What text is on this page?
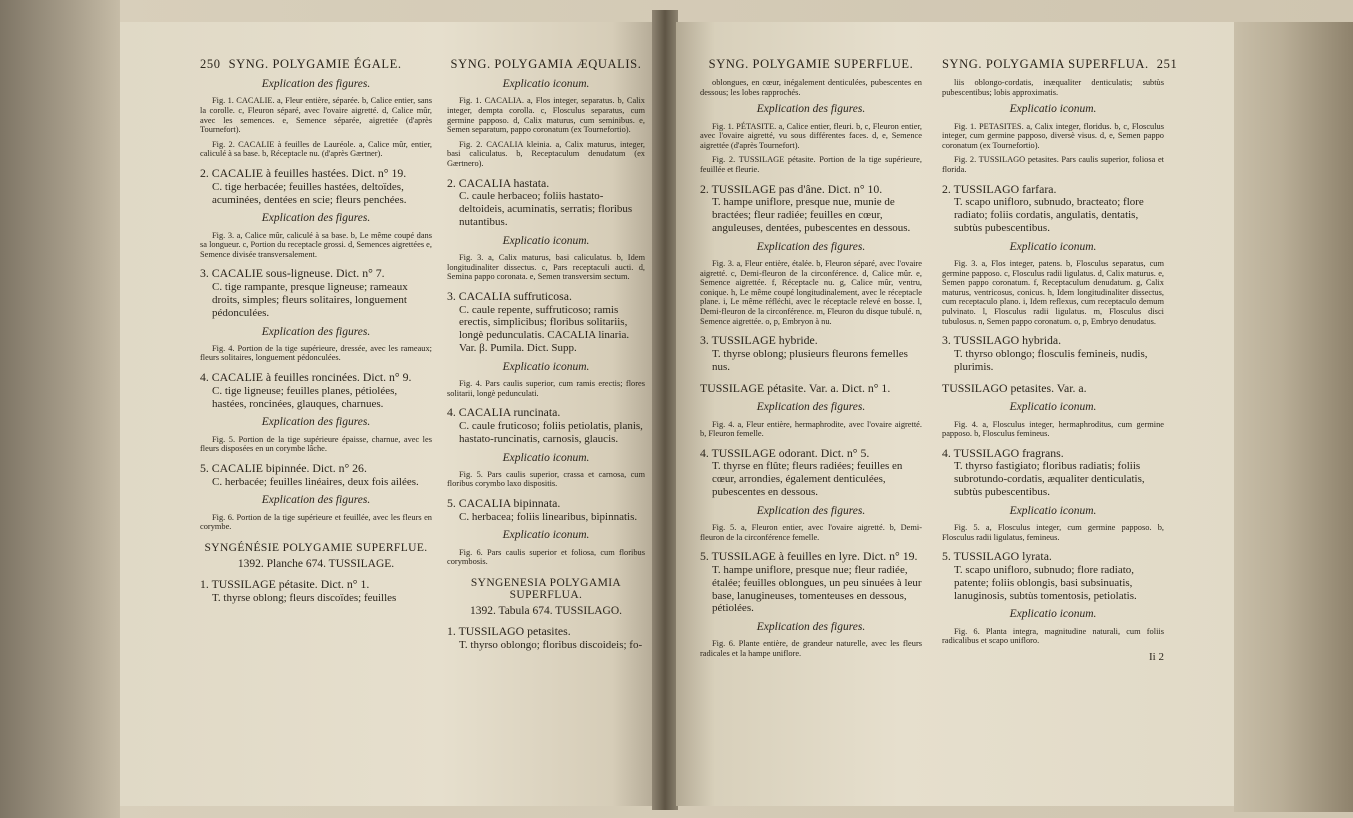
250 SYNG. POLYGAMIE ÉGALE.
Explication des figures.

Fig. 1. CACALIE. a, Fleur entière, séparée. b, Calice entier, sans la corolle. c, Fleuron séparé, avec l'ovaire aigretté. d, Calice mûr, avec les semences. e, Semence séparée, aigrettée (d'après Tournefort).

Fig. 2. CACALIE à feuilles de Lauréole. a, Calice mûr, entier, caliculé à sa base. b, Réceptacle nu. (d'après Gærtner).

2. CACALIE à feuilles hastées. Dict. n° 19.
C. tige herbacée; feuilles hastées, deltoïdes, acuminées, dentées en scie; fleurs penchées.
Explication des figures.

Fig. 3. a, Calice mûr, caliculé à sa base. b, Le même coupé dans sa longueur. c, Portion du receptacle grossi. d, Semences aigrettées e, Semence divisée transversalement.

3. CACALIE sous-ligneuse. Dict. n° 7.
C. tige rampante, presque ligneuse; rameaux droits, simples; fleurs solitaires, longuement pédonculées.
Explication des figures.

Fig. 4. Portion de la tige supérieure, dressée, avec les rameaux; fleurs solitaires, longuement pédonculées.

4. CACALIE à feuilles roncinées. Dict. n° 9.
C. tige ligneuse; feuilles planes, pétiolées, hastées, roncinées, glauques, charnues.
Explication des figures.

Fig. 5. Portion de la tige supérieure épaisse, charnue, avec les fleurs disposées en un corymbe lâche.

5. CACALIE bipinnée. Dict. n° 26.
C. herbacée; feuilles linéaires, deux fois ailées.
Explication des figures.

Fig. 6. Portion de la tige supérieure et feuillée, avec les fleurs en corymbe.

SYNGÉNÉSIE POLYGAMIE SUPERFLUE.
1392. Planche 674. TUSSILAGE.
1. TUSSILAGE pétasite. Dict. n° 1.
T. thyrse oblong; fleurs discoïdes; feuilles
SYNG. POLYGAMIA ÆQUALIS.
Explicatio iconum.

Fig. 1. CACALIA. a, Flos integer, separatus. b, Calix integer, dempta corolla. c, Flosculus separatus, cum germine papposo. d, Calix maturus, cum seminibus. e, Semen separatum, pappo coronatum (ex Tournefortio).

Fig. 2. CACALIA kleinia. a, Calix maturus, integer, basi caliculatus. b, Receptaculum denudatum (ex Gærtnero).

2. CACALIA hastata.
C. caule herbaceo; foliis hastato-deltoideis, acuminatis, serratis; floribus nutantibus.
Explicatio iconum.

Fig. 3. a, Calix maturus, basi caliculatus. b, Idem longitudinaliter dissectus. c, Pars receptaculi aucti. d, Semina pappo coronata. e, Semen transversim sectum.

3. CACALIA suffruticosa.
C. caule repente, suffruticoso; ramis erectis, simplicibus; floribus solitariis, longè pedunculatis. CACALIA linaria. Var. β. Pumila. Dict. Supp.
Explicatio iconum.

Fig. 4. Pars caulis superior, cum ramis erectis; flores solitarii, longè pedunculati.

4. CACALIA runcinata.
C. caule fruticoso; foliis petiolatis, planis, hastato-runcinatis, carnosis, glaucis.
Explicatio iconum.

Fig. 5. Pars caulis superior, crassa et carnosa, cum floribus corymbo laxo dispositis.

5. CACALIA bipinnata.
C. herbacea; foliis linearibus, bipinnatis.
Explicatio iconum.

Fig. 6. Pars caulis superior et foliosa, cum floribus corymbosis.

SYNGENESIA POLYGAMIA SUPERFLUA.
1392. Tabula 674. TUSSILAGO.
1. TUSSILAGO petasites.
T. thyrso oblongo; floribus discoideis; fo-
SYNG. POLYGAMIE SUPERFLUE.

oblongues, en cœur, inégalement denticulées, pubescentes en dessous; les lobes rapprochés.

Explication des figures.

Fig. 1. PÉTASITE. a, Calice entier, fleuri. b, c, Fleuron entier, avec l'ovaire aigretté, vu sous différentes faces. d, e, Semence aigrettée (d'après Tournefort).

Fig. 2. TUSSILAGE pétasite. Portion de la tige supérieure, feuillée et fleurie.

2. TUSSILAGE pas d'âne. Dict. n° 10.
T. hampe uniflore, presque nue, munie de bractées; fleur radiée; feuilles en cœur, anguleuses, dentées, pubescentes en dessous.
Explication des figures.

Fig. 3. a, Fleur entière, étalée. b, Fleuron séparé, avec l'ovaire aigretté. c, Demi-fleuron de la circonférence. d, Calice mûr. e, Semence aigrettée. f, Réceptacle nu. g, Calice mûr, ventru, conique. h, Le même coupé longitudinalement, avec le réceptacle plane. i, Le même réfléchi, avec le réceptacle relevé en bosse. l, Demi-fleuron de la circonférence. m, Fleuron du disque tubulé. n, Semence aigrettée. o, p, Embryon à nu.

3. TUSSILAGE hybride.
T. thyrse oblong; plusieurs fleurons femelles nus.
TUSSILAGE pétasite. Var. a. Dict. n° 1.
Explication des figures.

Fig. 4. a, Fleur entière, hermaphrodite, avec l'ovaire aigretté. b, Fleuron femelle.

4. TUSSILAGE odorant. Dict. n° 5.
T. thyrse en flûte; fleurs radiées; feuilles en cœur, arrondies, également denticulées, pubescentes en dessous.
Explication des figures.

Fig. 5. a, Fleuron entier, avec l'ovaire aigretté. b, Demi-fleuron de la circonférence femelle.

5. TUSSILAGE à feuilles en lyre. Dict. n° 19.
T. hampe uniflore, presque nue; fleur radiée, étalée; feuilles oblongues, un peu sinuées à leur base, lanugineuses, tomenteuses en dessous, pétiolées.
Explication des figures.

Fig. 6. Plante entière, de grandeur naturelle, avec les fleurs radicales et la hampe uniflore.

SYNG. POLYGAMIA SUPERFLUA. 251

liis oblongo-cordatis, inæqualiter denticulatis; subtùs pubescentibus; lobis approximatis.

Explicatio iconum.

Fig. 1. PETASITES. a, Calix integer, floridus. b, c, Flosculus integer, cum germine papposo, diversè visus. d, e, Semen pappo coronatum (ex Tournefortio).

Fig. 2. TUSSILAGO petasites. Pars caulis superior, foliosa et florida.

2. TUSSILAGO farfara.
T. scapo unifloro, subnudo, bracteato; flore radiato; foliis cordatis, angulatis, dentatis, subtùs pubescentibus.
Explicatio iconum.

Fig. 3. a, Flos integer, patens. b, Flosculus separatus, cum germine papposo. c, Flosculus radii ligulatus. d, Calix maturus. e, Semen pappo coronatum. f, Receptaculum denudatum. g, Calix maturus, ventricosus, conicus. h, Idem longitudinaliter dissectus, cum receptaculo plano. i, Idem reflexus, cum receptaculo demum pulvinato. l, Flosculus radii ligulatus. m, Flosculus disci tubulosus. n, Semen pappo coronatum. o, p, Embryo denudatus.

3. TUSSILAGO hybrida.
T. thyrso oblongo; flosculis femineis, nudis, plurimis.
TUSSILAGO petasites. Var. a.
Explicatio iconum.

Fig. 4. a, Flosculus integer, hermaphroditus, cum germine papposo. b, Flosculus femineus.

4. TUSSILAGO fragrans.
T. thyrso fastigiato; floribus radiatis; foliis subrotundo-cordatis, æqualiter denticulatis, subtùs pubescentibus.
Explicatio iconum.

Fig. 5. a, Flosculus integer, cum germine papposo. b, Flosculus radii ligulatus, femineus.

5. TUSSILAGO lyrata.
T. scapo unifloro, subnudo; flore radiato, patente; foliis oblongis, basi subsinuatis, lanuginosis, subtùs tomentosis, petiolatis.
Explicatio iconum.

Fig. 6. Planta integra, magnitudine naturali, cum foliis radicalibus et scapo unifloro.

Ii 2
